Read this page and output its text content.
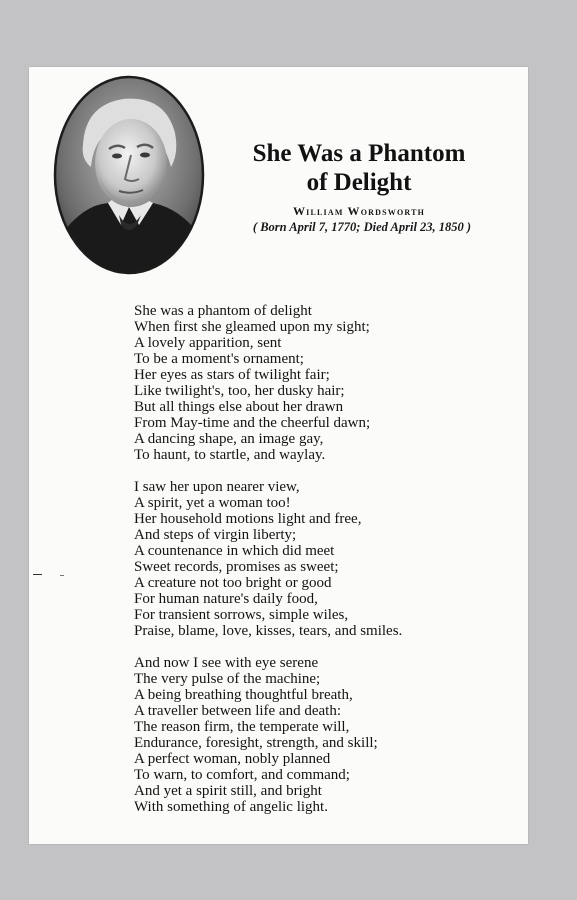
She Was a Phantom
of Delight
William Wordsworth
( Born April 7, 1770; Died April 23, 1850 )
She was a phantom of delight
When first she gleamed upon my sight;
A lovely apparition, sent
To be a moment's ornament;
Her eyes as stars of twilight fair;
Like twilight's, too, her dusky hair;
But all things else about her drawn
From May-time and the cheerful dawn;
A dancing shape, an image gay,
To haunt, to startle, and waylay.
I saw her upon nearer view,
A spirit, yet a woman too!
Her household motions light and free,
And steps of virgin liberty;
A countenance in which did meet
Sweet records, promises as sweet;
A creature not too bright or good
For human nature's daily food,
For transient sorrows, simple wiles,
Praise, blame, love, kisses, tears, and smiles.
And now I see with eye serene
The very pulse of the machine;
A being breathing thoughtful breath,
A traveller between life and death:
The reason firm, the temperate will,
Endurance, foresight, strength, and skill;
A perfect woman, nobly planned
To warn, to comfort, and command;
And yet a spirit still, and bright
With something of angelic light.
